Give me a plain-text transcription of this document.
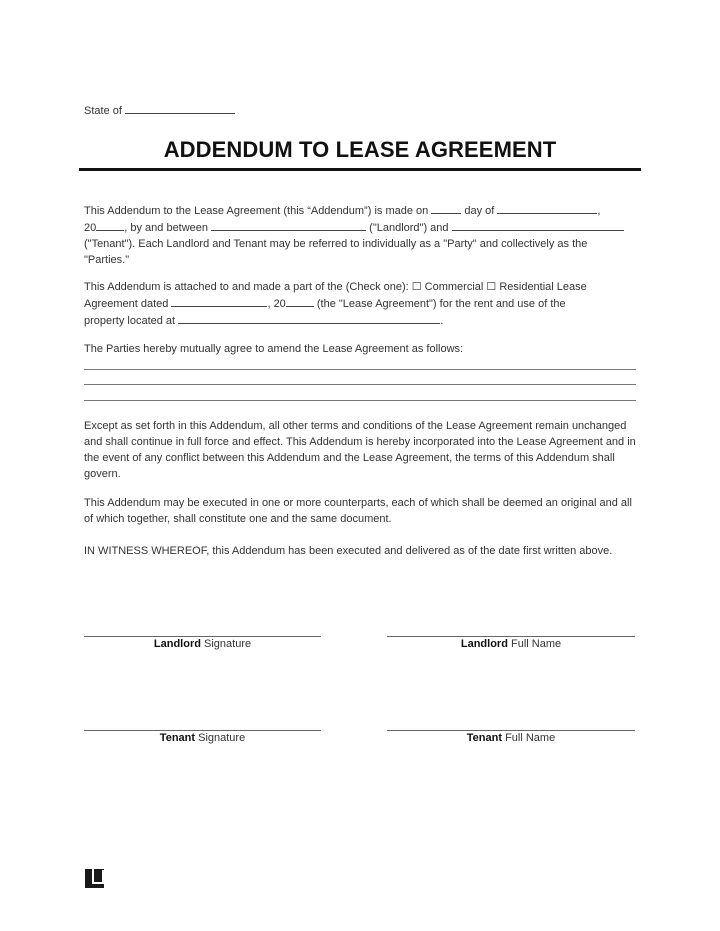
State of
ADDENDUM TO LEASE AGREEMENT
This Addendum to the Lease Agreement (this “Addendum”) is made on	day of	,
20	, by and between	("Landlord") and
("Tenant"). Each Landlord and Tenant may be referred to individually as a "Party" and collectively as the
"Parties."
This Addendum is attached to and made a part of the (Check one): ☐ Commercial ☐ Residential Lease
Agreement dated	, 20	(the "Lease Agreement") for the rent and use of the
property located at	.
The Parties hereby mutually agree to amend the Lease Agreement as follows:
Except as set forth in this Addendum, all other terms and conditions of the Lease Agreement remain unchanged and shall continue in full force and effect. This Addendum is hereby incorporated into the Lease Agreement and in the event of any conflict between this Addendum and the Lease Agreement, the terms of this Addendum shall govern.
This Addendum may be executed in one or more counterparts, each of which shall be deemed an original and all of which together, shall constitute one and the same document.
IN WITNESS WHEREOF, this Addendum has been executed and delivered as of the date first written above.
Landlord Signature	Landlord Full Name
Tenant Signature	Tenant Full Name
